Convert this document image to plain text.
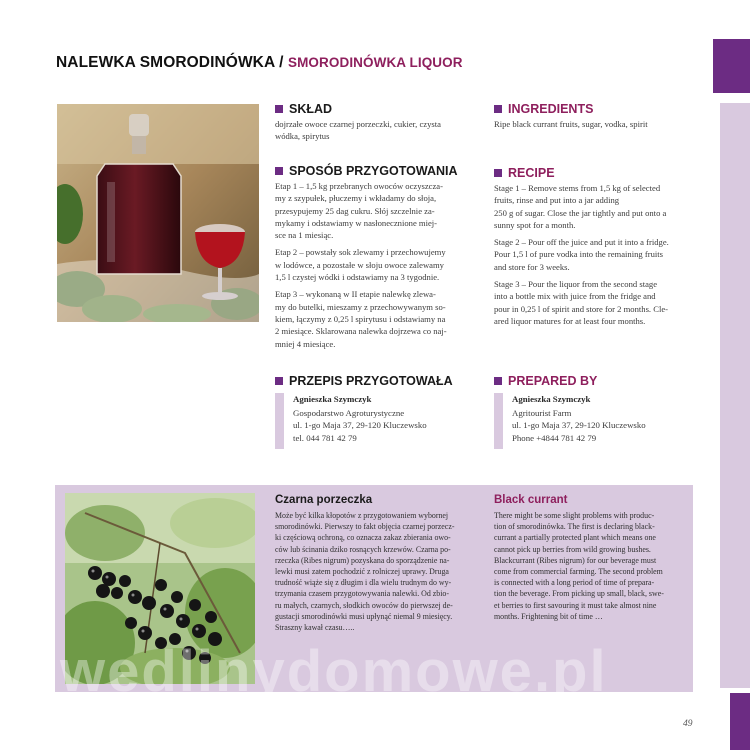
NALEWKA SMORODINÓWKA / SMORODINÓWKA LIQUOR
SKŁAD
dojrzałe owoce czarnej porzeczki, cukier, czysta
wódka, spirytus
SPOSÓB PRZYGOTOWANIA

Etap 1 – 1,5 kg przebranych owoców oczyszcza-
my z szypułek, płuczemy i wkładamy do słoja,
przesypujemy 25 dag cukru. Słój szczelnie za-
mykamy i odstawiamy w nasłonecznione miej-
sce na 1 miesiąc.

Etap 2 – powstały sok zlewamy i przechowujemy
w lodówce, a pozostałe w słoju owoce zalewamy
1,5 l czystej wódki i odstawiamy na 3 tygodnie.

Etap 3 – wykonaną w II etapie nalewkę zlewa-
my do butelki, mieszamy z przechowywanym so-
kiem, łączymy z 0,25 l spirytusu i odstawiamy na
2 miesiące. Sklarowana nalewka dojrzewa co naj-
mniej 4 miesiące.

PRZEPIS PRZYGOTOWAŁA
Agnieszka Szymczyk
Gospodarstwo Agroturystyczne
ul. 1-go Maja 37, 29-120 Kluczewsko
tel. 044 781 42 79
INGREDIENTS
Ripe black currant fruits, sugar, vodka, spirit
RECIPE

Stage 1 – Remove stems from 1,5 kg of selected
fruits, rinse and put into a jar adding
250 g of sugar. Close the jar tightly and put onto a
sunny spot for a month.

Stage 2 – Pour off the juice and put it into a fridge.
Pour 1,5 l of pure vodka into the remaining fruits
and store for 3 weeks.

Stage 3 – Pour the liquor from the second stage
into a bottle mix with juice from the fridge and
pour in 0,25 l of spirit and store for 2 months. Cle-
ared liquor matures for at least four months.

PREPARED BY
Agnieszka Szymczyk
Agritourist Farm
ul. 1-go Maja 37, 29-120 Kluczewsko
Phone +4844 781 42 79
Czarna porzeczka
Może być kilka kłopotów z przygotowaniem wybornej
smorodinówki. Pierwszy to fakt objęcia czarnej porzecz-
ki częściową ochroną, co oznacza zakaz zbierania owo-
ców lub ścinania dziko rosnących krzewów. Czarna po-
rzeczka (Ribes nigrum) pozyskana do sporządzenie na-
lewki musi zatem pochodzić z rolniczej uprawy. Druga
trudność wiąże się z długim i dla wielu trudnym do wy-
trzymania czasem przygotowywania nalewki. Od zbio-
ru małych, czarnych, słodkich owoców do pierwszej de-
gustacji smorodinówki musi upłynąć niemal 9 miesięcy.
Straszny kawał czasu…..
Black currant
There might be some slight problems with produc-
tion of smorodinówka. The first is declaring black-
currant a partially protected plant which means one
cannot pick up berries from wild growing bushes.
Blackcurrant (Ribes nigrum) for our beverage must
come from commercial farming. The second problem
is connected with a long period of time of prepara-
tion the beverage. From picking up small, black, swe-
et berries to first savouring it must take almost nine
months. Frightening bit of time …
wedlinydomowe.pl
49
